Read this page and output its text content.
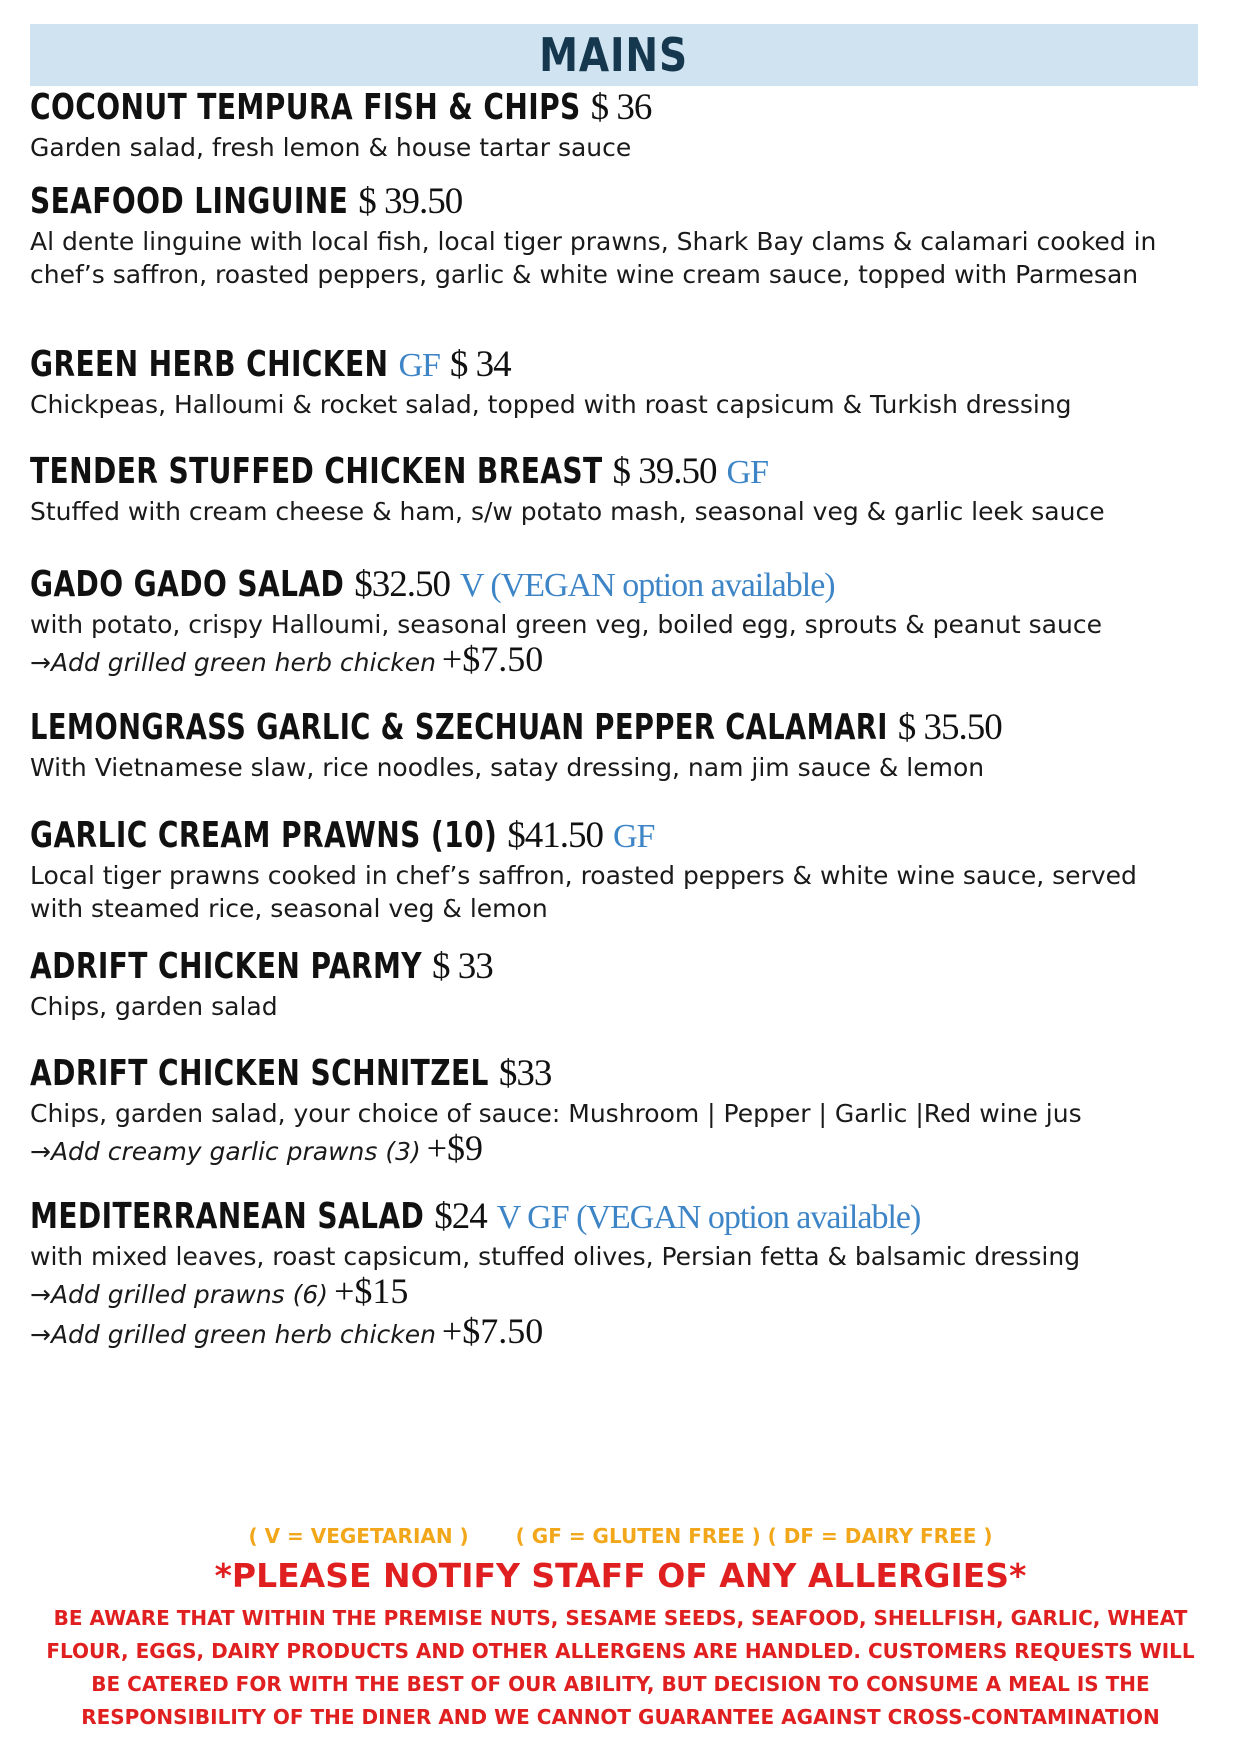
MAINS
COCONUT TEMPURA FISH & CHIPS $ 36
Garden salad, fresh lemon & house tartar sauce
SEAFOOD LINGUINE $ 39.50
Al dente linguine with local fish, local tiger prawns, Shark Bay clams & calamari cooked in chef’s saffron, roasted peppers, garlic & white wine cream sauce, topped with Parmesan
GREEN HERB CHICKEN GF $ 34
Chickpeas, Halloumi & rocket salad, topped with roast capsicum & Turkish dressing
TENDER STUFFED CHICKEN BREAST $ 39.50 GF
Stuffed with cream cheese & ham, s/w potato mash, seasonal veg & garlic leek sauce
GADO GADO SALAD $32.50 V (VEGAN option available)
with potato, crispy Halloumi, seasonal green veg, boiled egg, sprouts & peanut sauce
→Add grilled green herb chicken +$7.50
LEMONGRASS GARLIC & SZECHUAN PEPPER CALAMARI $ 35.50
With Vietnamese slaw, rice noodles, satay dressing, nam jim sauce & lemon
GARLIC CREAM PRAWNS (10) $41.50 GF
Local tiger prawns cooked in chef’s saffron, roasted peppers & white wine sauce, served with steamed rice, seasonal veg & lemon
ADRIFT CHICKEN PARMY $ 33
Chips, garden salad
ADRIFT CHICKEN SCHNITZEL $33
Chips, garden salad, your choice of sauce: Mushroom | Pepper | Garlic |Red wine jus
→Add creamy garlic prawns (3) +$9
MEDITERRANEAN SALAD $24 V GF (VEGAN option available)
with mixed leaves, roast capsicum, stuffed olives, Persian fetta & balsamic dressing
→Add grilled prawns (6) +$15
→Add grilled green herb chicken +$7.50
( V = VEGETARIAN ) ( GF = GLUTEN FREE ) ( DF = DAIRY FREE )
*PLEASE NOTIFY STAFF OF ANY ALLERGIES*
BE AWARE THAT WITHIN THE PREMISE NUTS, SESAME SEEDS, SEAFOOD, SHELLFISH, GARLIC, WHEAT FLOUR, EGGS, DAIRY PRODUCTS AND OTHER ALLERGENS ARE HANDLED. CUSTOMERS REQUESTS WILL BE CATERED FOR WITH THE BEST OF OUR ABILITY, BUT DECISION TO CONSUME A MEAL IS THE RESPONSIBILITY OF THE DINER AND WE CANNOT GUARANTEE AGAINST CROSS-CONTAMINATION
